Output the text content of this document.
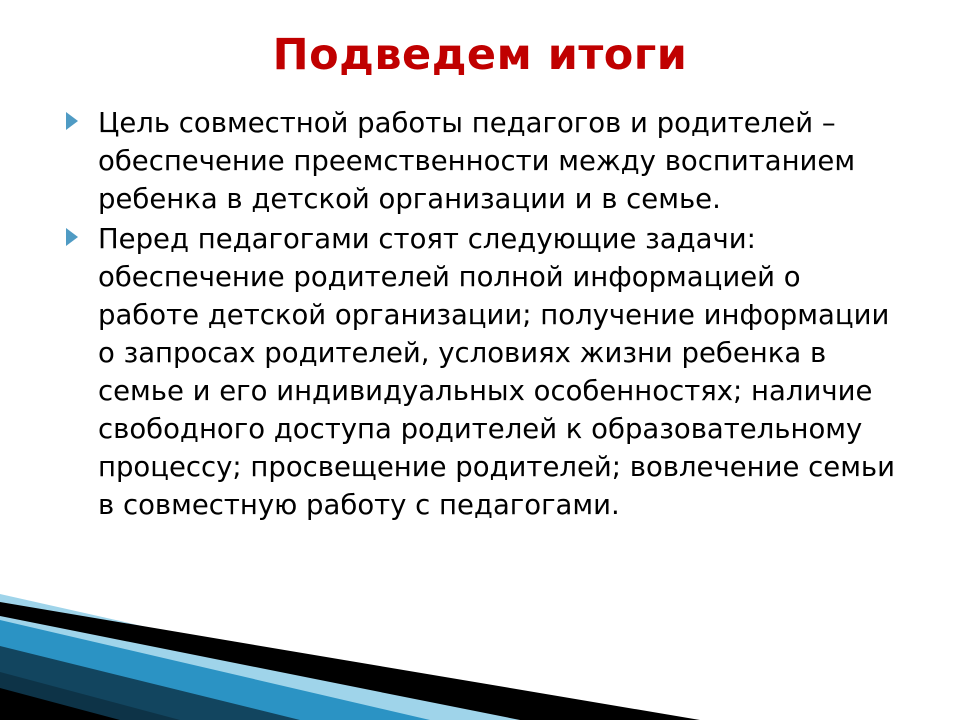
Подведем итоги
Цель совместной работы педагогов и родителей – обеспечение преемственности между воспитанием ребенка в детской организации и в семье.
Перед педагогами стоят следующие задачи: обеспечение родителей полной информацией о работе детской организации; получение информации о запросах родителей, условиях жизни ребенка в семье и его индивидуальных особенностях; наличие свободного доступа родителей к образовательному процессу; просвещение родителей; вовлечение семьи в совместную работу с педагогами.
